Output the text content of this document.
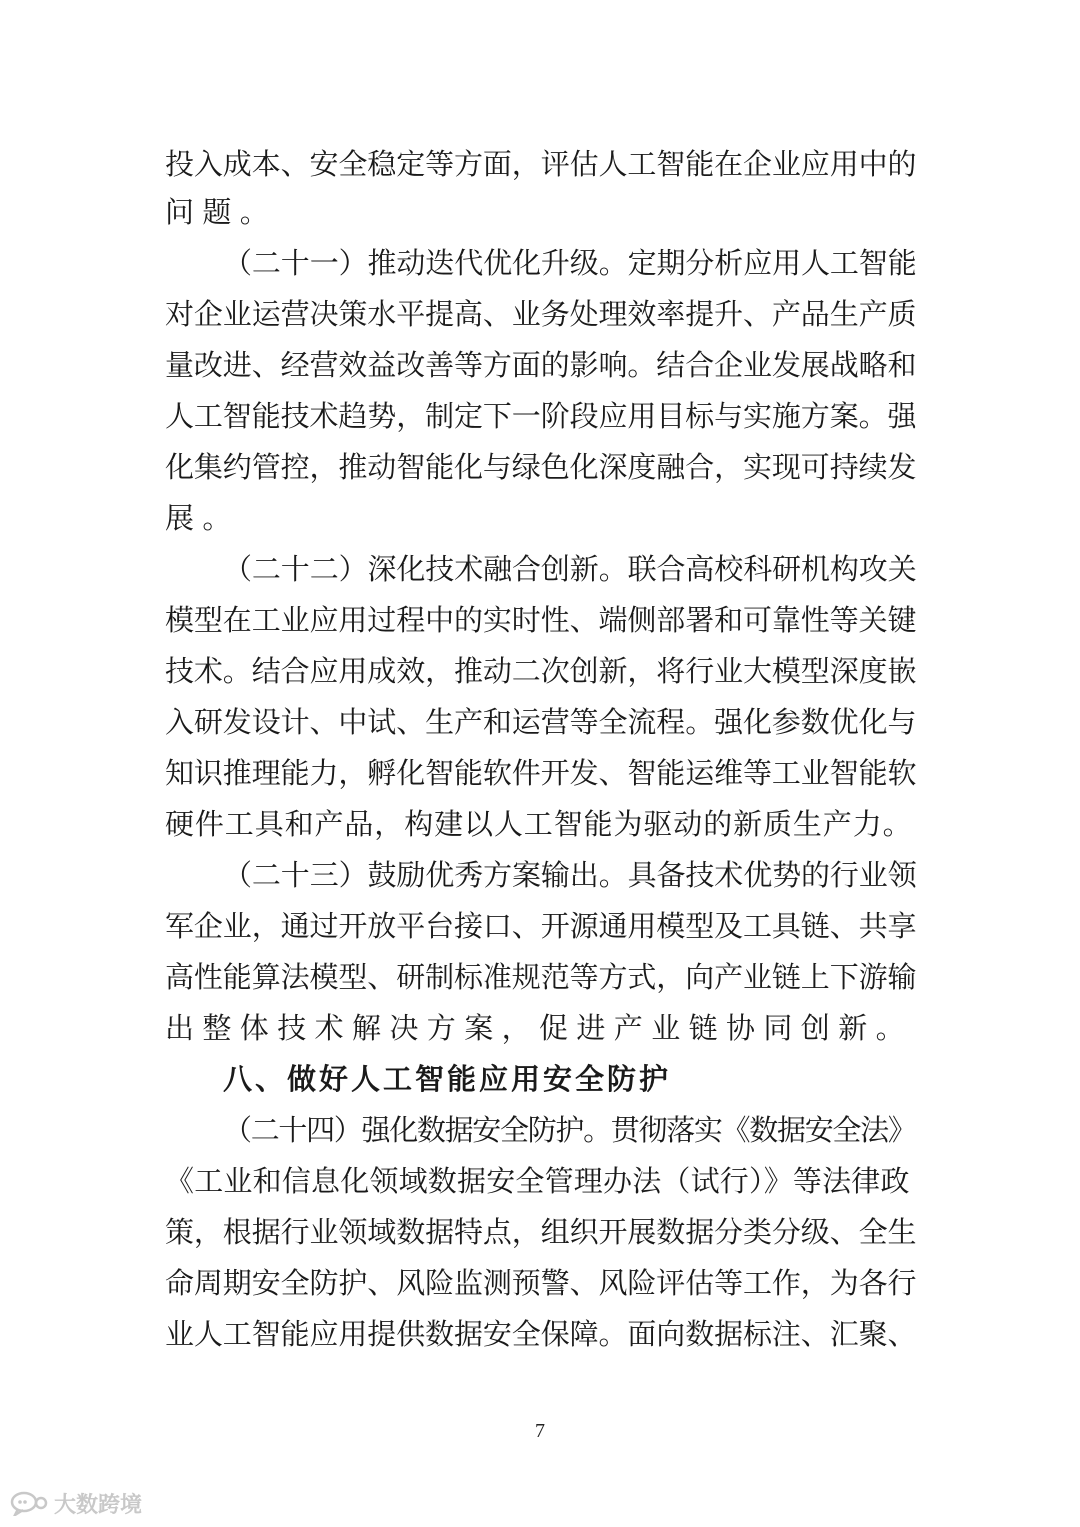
投入成本、安全稳定等方面，评估人工智能在企业应用中的
问题。
（二十一）推动迭代优化升级。定期分析应用人工智能
对企业运营决策水平提高、业务处理效率提升、产品生产质
量改进、经营效益改善等方面的影响。结合企业发展战略和
人工智能技术趋势，制定下一阶段应用目标与实施方案。强
化集约管控，推动智能化与绿色化深度融合，实现可持续发
展。
（二十二）深化技术融合创新。联合高校科研机构攻关
模型在工业应用过程中的实时性、端侧部署和可靠性等关键
技术。结合应用成效，推动二次创新，将行业大模型深度嵌
入研发设计、中试、生产和运营等全流程。强化参数优化与
知识推理能力，孵化智能软件开发、智能运维等工业智能软
硬件工具和产品，构建以人工智能为驱动的新质生产力。
（二十三）鼓励优秀方案输出。具备技术优势的行业领
军企业，通过开放平台接口、开源通用模型及工具链、共享
高性能算法模型、研制标准规范等方式，向产业链上下游输
出整体技术解决方案，促进产业链协同创新。
八、做好人工智能应用安全防护
（二十四）强化数据安全防护。贯彻落实《数据安全法》
《工业和信息化领域数据安全管理办法（试行）》等法律政
策，根据行业领域数据特点，组织开展数据分类分级、全生
命周期安全防护、风险监测预警、风险评估等工作，为各行
业人工智能应用提供数据安全保障。面向数据标注、汇聚、
7
大数跨境
